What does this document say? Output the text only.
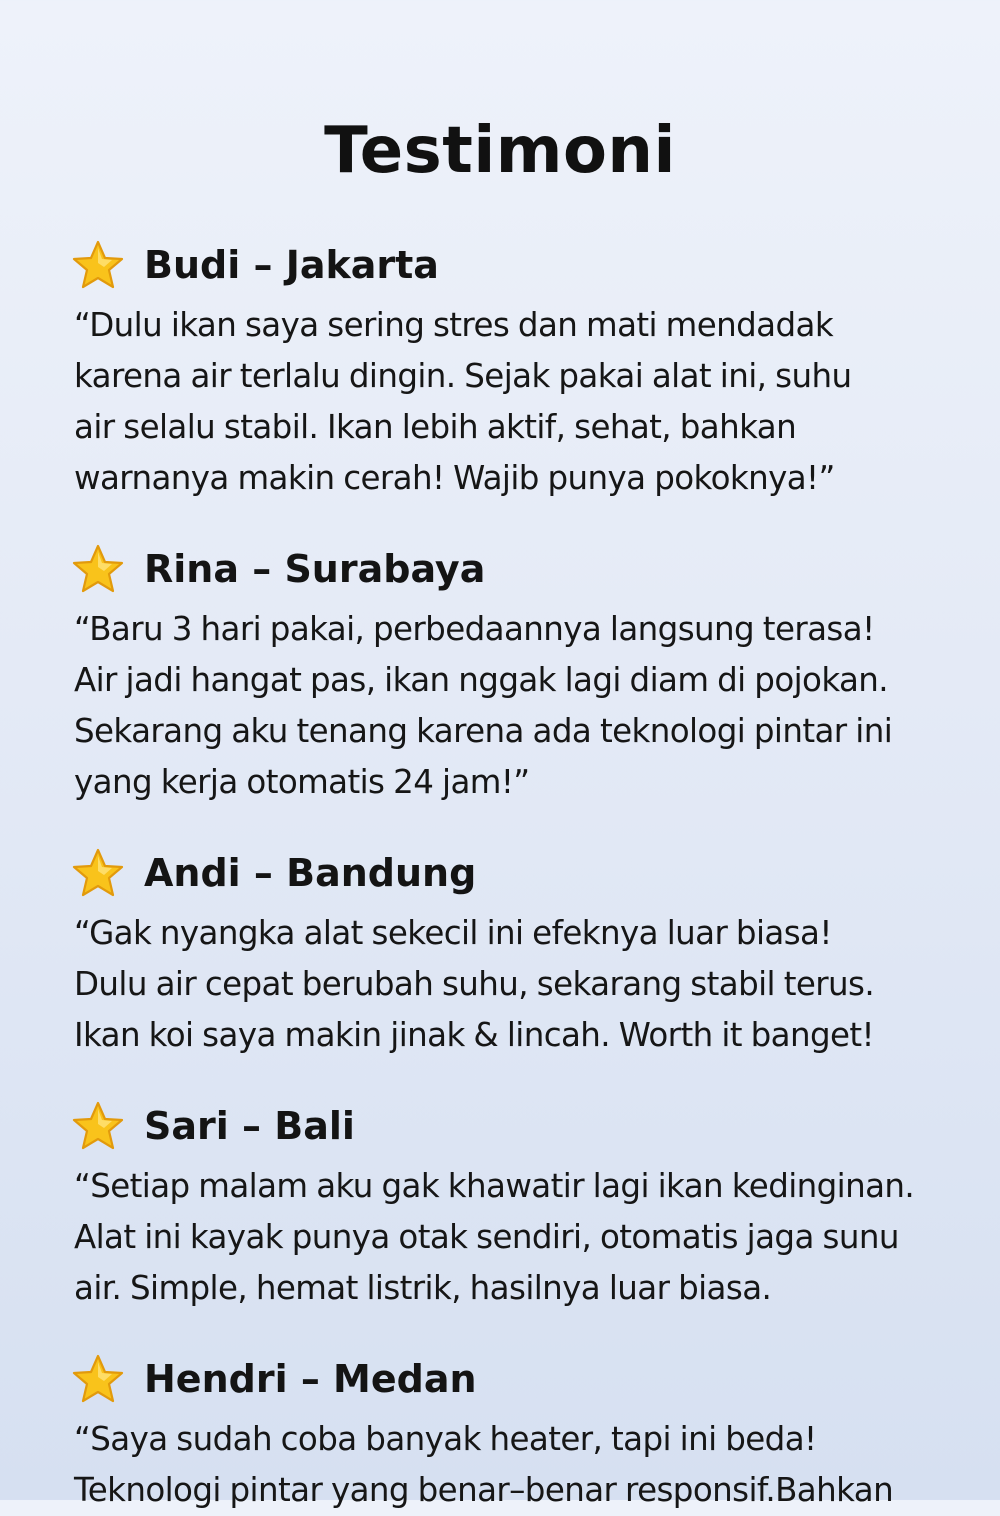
Testimoni
Budi – Jakarta

“Dulu ikan saya sering stres dan mati mendadak
karena air terlalu dingin. Sejak pakai alat ini, suhu
air selalu stabil. Ikan lebih aktif, sehat, bahkan
warnanya makin cerah! Wajib punya pokoknya!”

Rina – Surabaya

“Baru 3 hari pakai, perbedaannya langsung terasa!
Air jadi hangat pas, ikan nggak lagi diam di pojokan.
Sekarang aku tenang karena ada teknologi pintar ini
yang kerja otomatis 24 jam!”

Andi – Bandung

“Gak nyangka alat sekecil ini efeknya luar biasa!
Dulu air cepat berubah suhu, sekarang stabil terus.
Ikan koi saya makin jinak & lincah. Worth it banget!

Sari – Bali

“Setiap malam aku gak khawatir lagi ikan kedinginan.
Alat ini kayak punya otak sendiri, otomatis jaga sunu
air. Simple, hemat listrik, hasilnya luar biasa.

Hendri – Medan

“Saya sudah coba banyak heater, tapi ini beda!
Teknologi pintar yang benar–benar responsif.Bahkan
